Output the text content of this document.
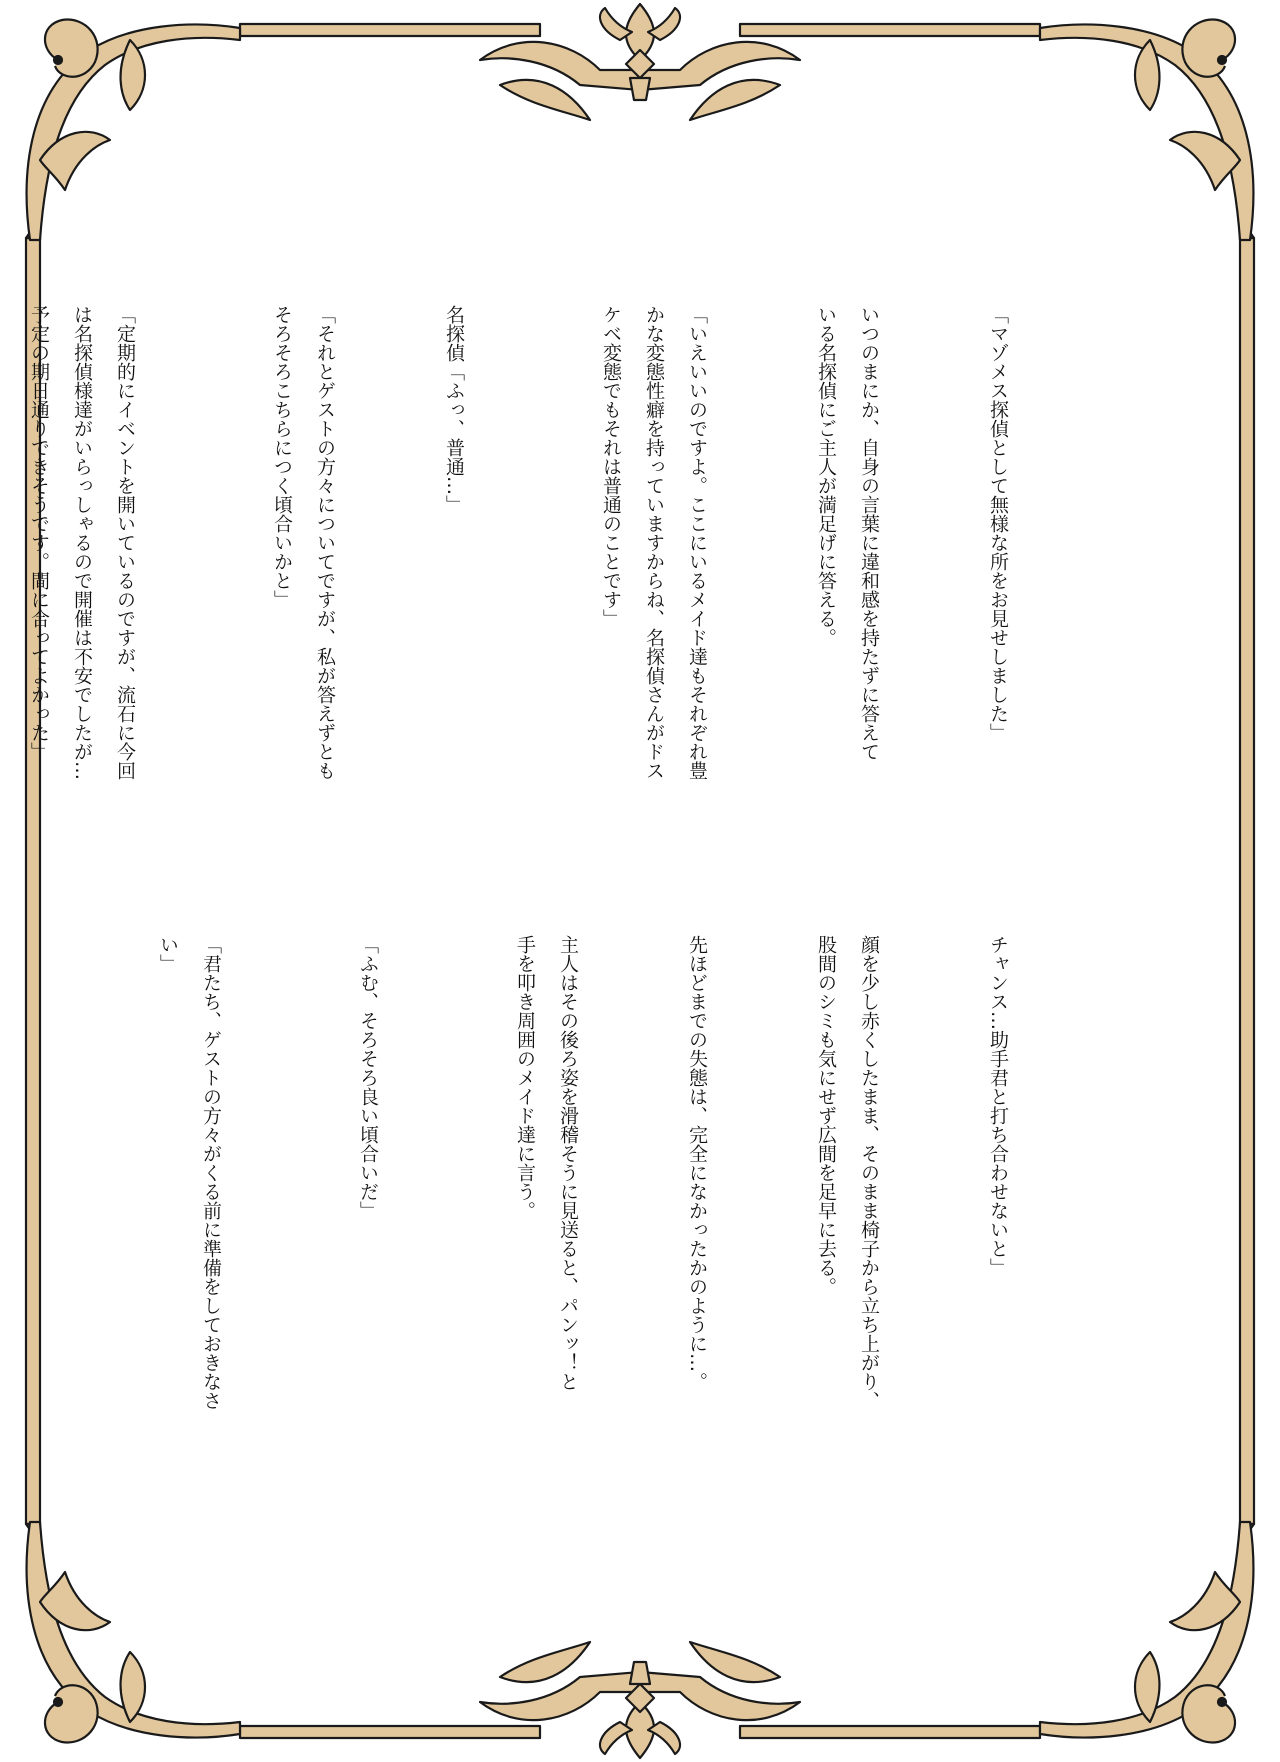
「マゾメス探偵として無様な所をお見せしました」

いつのまにか、自身の言葉に違和感を持たずに答えて
いる名探偵にご主人が満足げに答える。

「いえいいのですよ。ここにいるメイド達もそれぞれ豊
かな変態性癖を持っていますからね、名探偵さんがドス
ケベ変態でもそれは普通のことです」

名探偵「ふっ、普通…」

「それとゲストの方々についてですが、私が答えずとも
そろそろこちらにつく頃合いかと」

「定期的にイベントを開いているのですが、流石に今回
は名探偵様達がいらっしゃるので開催は不安でしたが…
予定の期日通りできそうです。間に合ってよかった」

チャンス…助手君と打ち合わせないと」

顔を少し赤くしたまま、そのまま椅子から立ち上がり、
股間のシミも気にせず広間を足早に去る。

先ほどまでの失態は、完全になかったかのように…。

主人はその後ろ姿を滑稽そうに見送ると、パンッ！と
手を叩き周囲のメイド達に言う。

「ふむ、そろそろ良い頃合いだ」

「君たち、ゲストの方々がくる前に準備をしておきなさ
い」
